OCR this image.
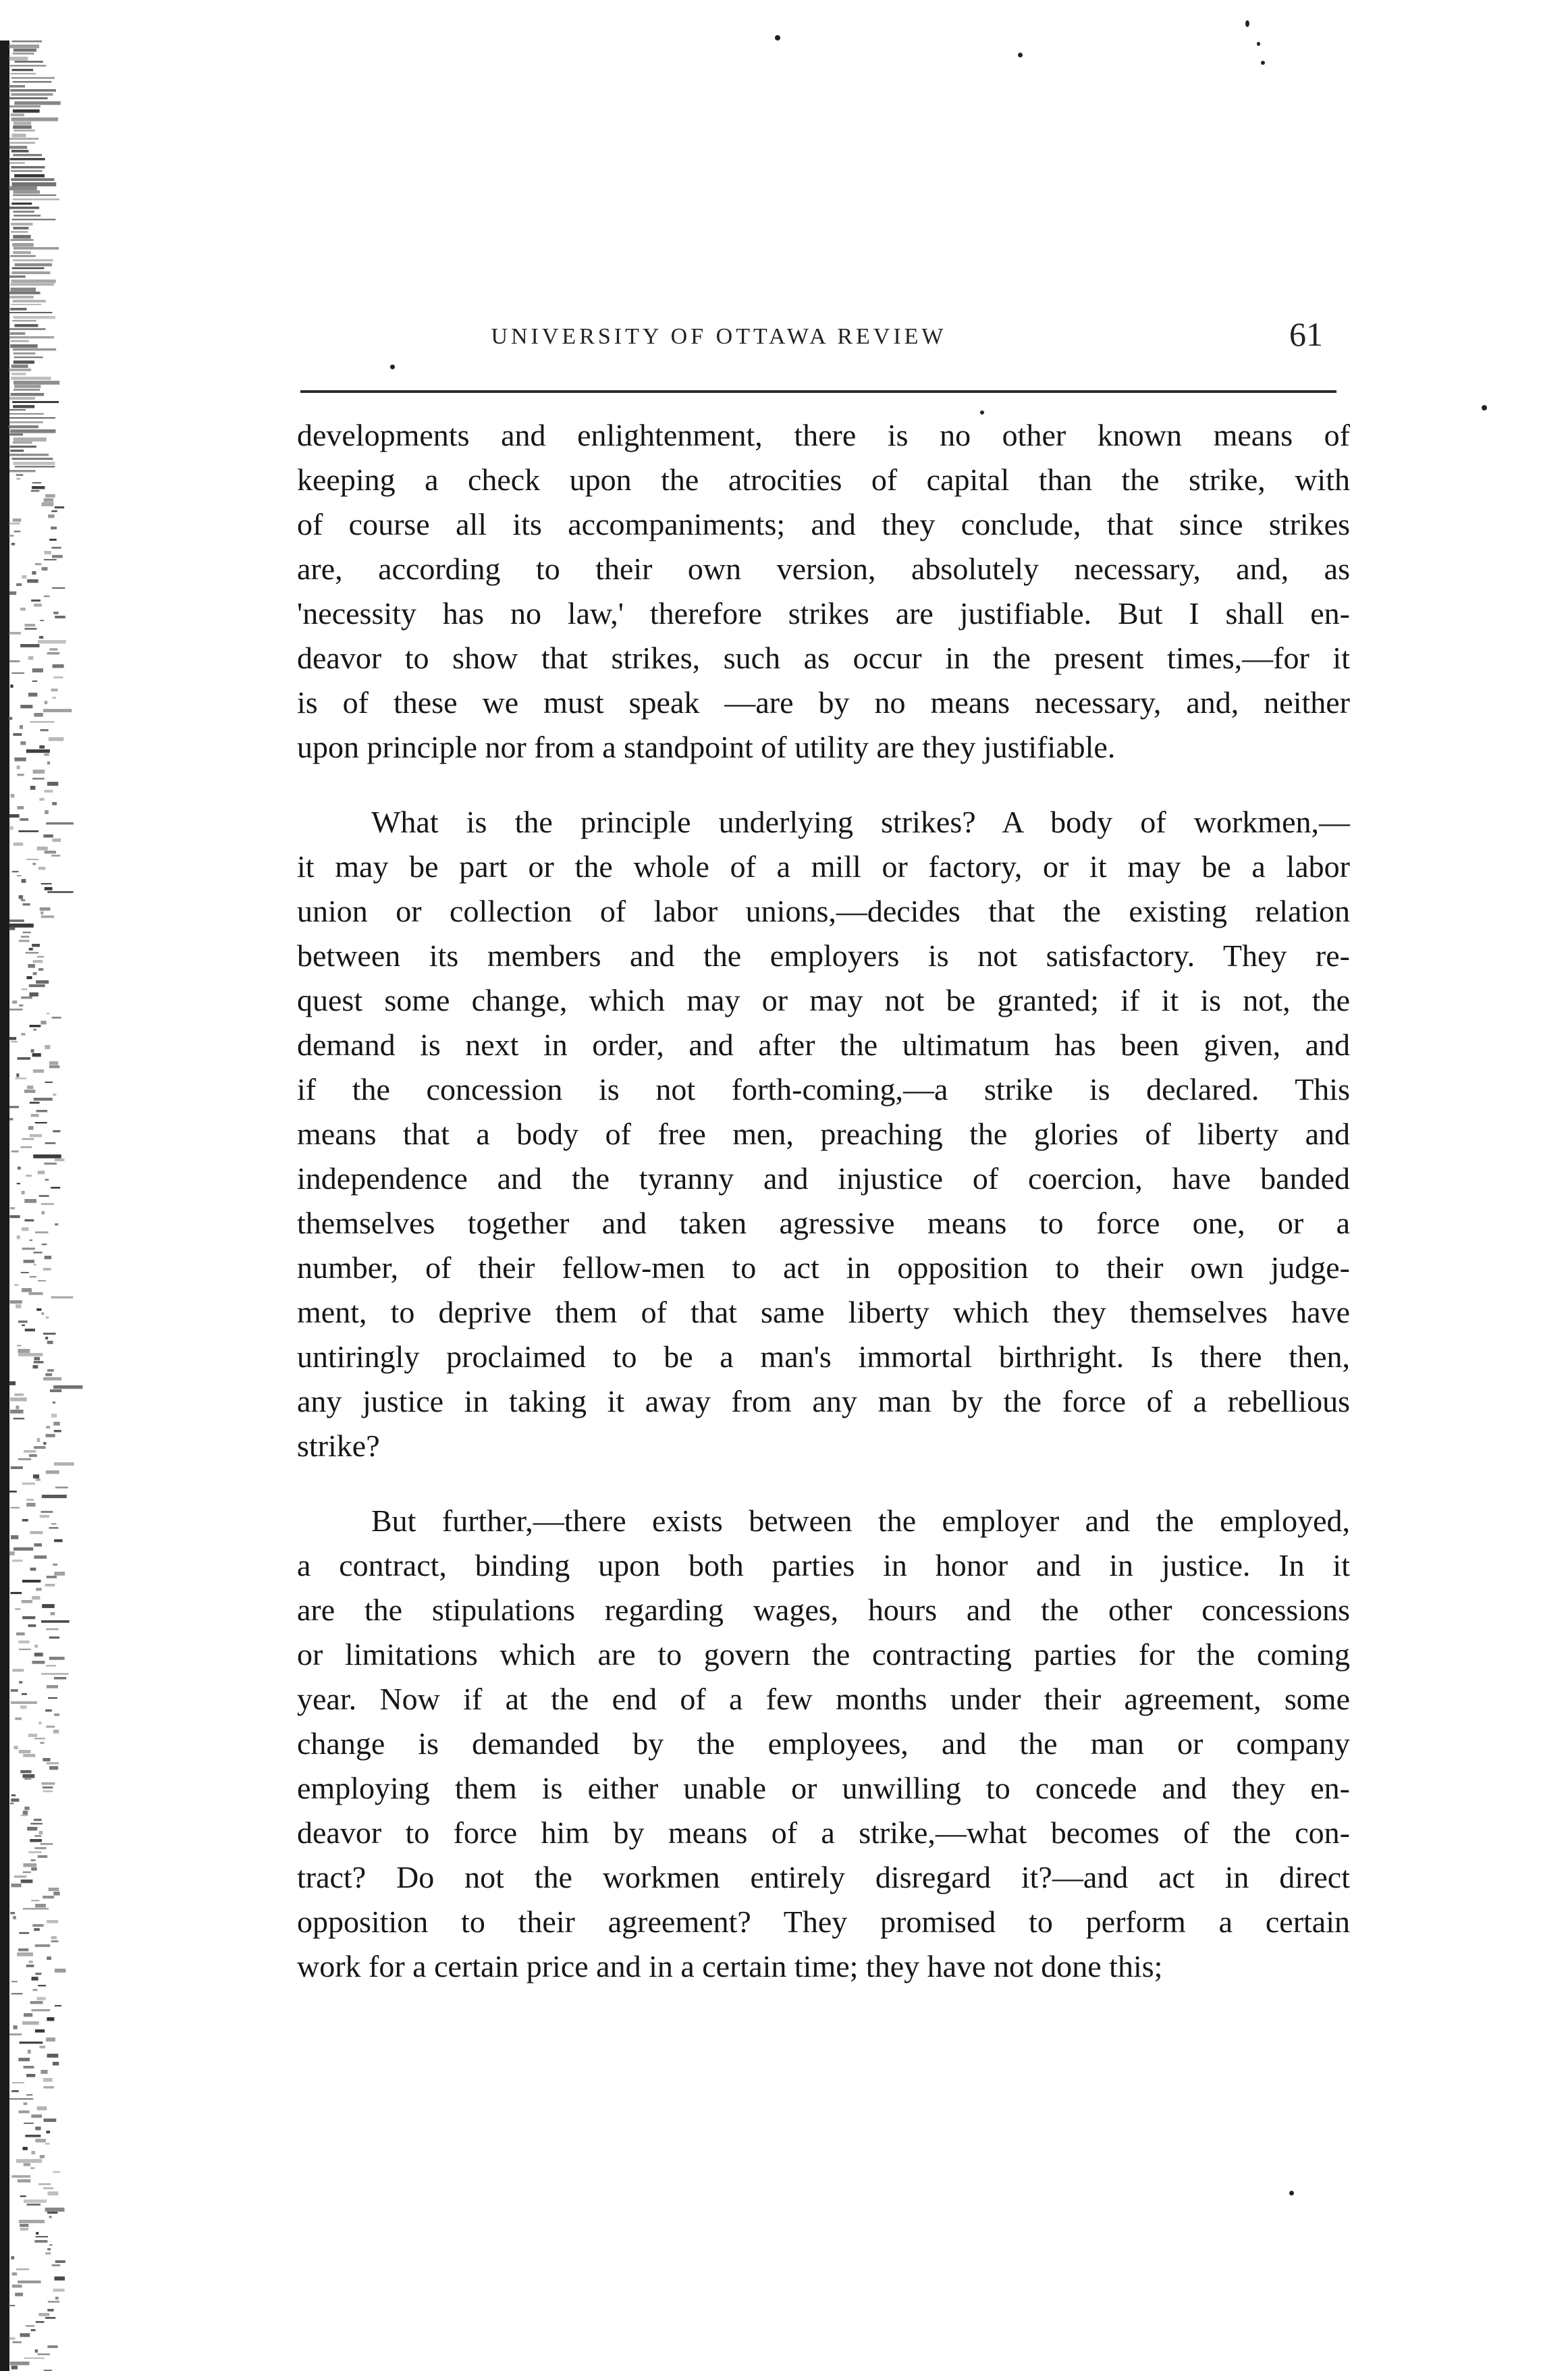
UNIVERSITY OF OTTAWA REVIEW	61
developments and enlightenment, there is no other known means of
keeping a check upon the atrocities of capital than the strike, with
of course all its accompaniments; and they conclude, that since strikes
are, according to their own version, absolutely necessary, and, as
'necessity has no law,' therefore strikes are justifiable. But I shall en-
deavor to show that strikes, such as occur in the present times,—for it
is of these we must speak —are by no means necessary, and, neither
upon principle nor from a standpoint of utility are they justifiable.
What is the principle underlying strikes? A body of workmen,—
it may be part or the whole of a mill or factory, or it may be a labor
union or collection of labor unions,—decides that the existing relation
between its members and the employers is not satisfactory. They re-
quest some change, which may or may not be granted; if it is not, the
demand is next in order, and after the ultimatum has been given, and
if the concession is not forth-coming,—a strike is declared. This
means that a body of free men, preaching the glories of liberty and
independence and the tyranny and injustice of coercion, have banded
themselves together and taken agressive means to force one, or a
number, of their fellow-men to act in opposition to their own judge-
ment, to deprive them of that same liberty which they themselves have
untiringly proclaimed to be a man's immortal birthright. Is there then,
any justice in taking it away from any man by the force of a rebellious
strike?
But further,—there exists between the employer and the employed,
a contract, binding upon both parties in honor and in justice. In it
are the stipulations regarding wages, hours and the other concessions
or limitations which are to govern the contracting parties for the coming
year. Now if at the end of a few months under their agreement, some
change is demanded by the employees, and the man or company
employing them is either unable or unwilling to concede and they en-
deavor to force him by means of a strike,—what becomes of the con-
tract? Do not the workmen entirely disregard it?—and act in direct
opposition to their agreement? They promised to perform a certain
work for a certain price and in a certain time; they have not done this;
